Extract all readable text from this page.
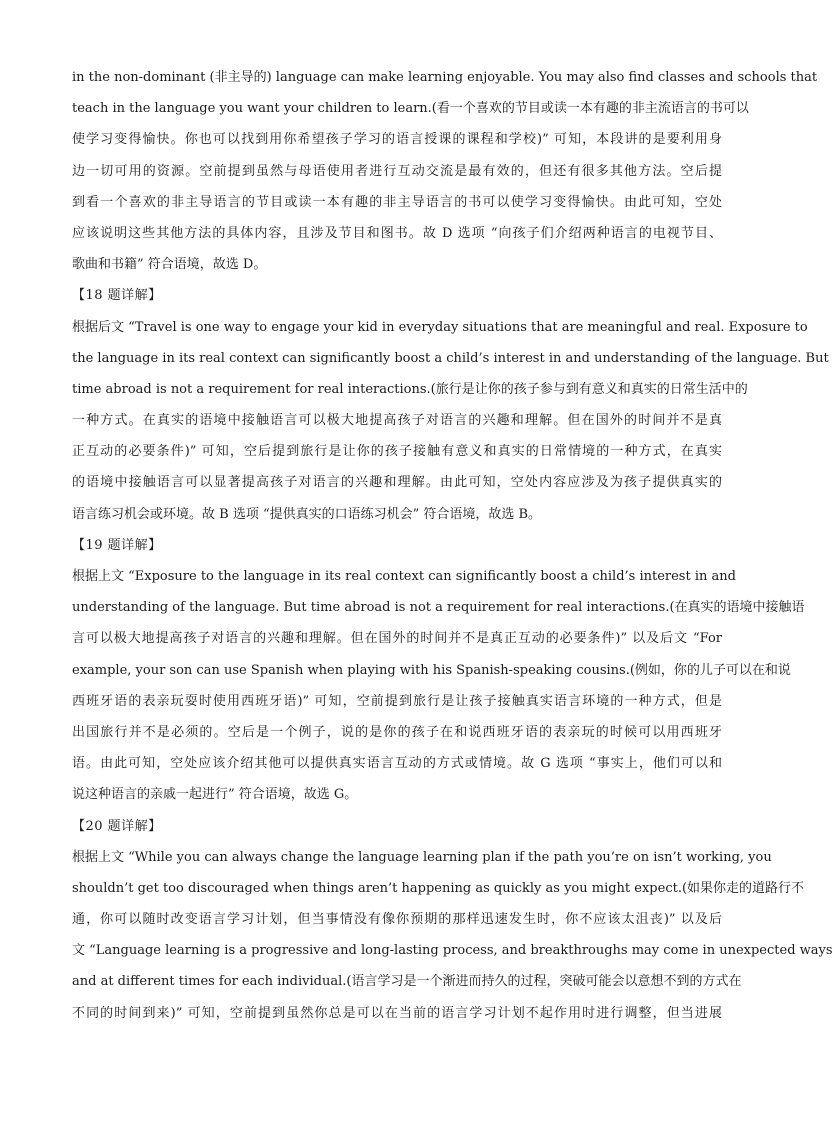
in the non-dominant (非主导的) language can make learning enjoyable. You may also find classes and schools that
teach in the language you want your children to learn.(看一个喜欢的节目或读一本有趣的非主流语言的书可以
使学习变得愉快。你也可以找到用你希望孩子学习的语言授课的课程和学校)” 可知，本段讲的是要利用身
边一切可用的资源。空前提到虽然与母语使用者进行互动交流是最有效的，但还有很多其他方法。空后提
到看一个喜欢的非主导语言的节目或读一本有趣的非主导语言的书可以使学习变得愉快。由此可知，空处
应该说明这些其他方法的具体内容，且涉及节目和图书。故 D 选项 “向孩子们介绍两种语言的电视节目、
歌曲和书籍” 符合语境，故选 D。
【18 题详解】
根据后文 “Travel is one way to engage your kid in everyday situations that are meaningful and real. Exposure to
the language in its real context can significantly boost a child’s interest in and understanding of the language. But
time abroad is not a requirement for real interactions.(旅行是让你的孩子参与到有意义和真实的日常生活中的
一种方式。在真实的语境中接触语言可以极大地提高孩子对语言的兴趣和理解。但在国外的时间并不是真
正互动的必要条件)” 可知，空后提到旅行是让你的孩子接触有意义和真实的日常情境的一种方式，在真实
的语境中接触语言可以显著提高孩子对语言的兴趣和理解。由此可知，空处内容应涉及为孩子提供真实的
语言练习机会或环境。故 B 选项 “提供真实的口语练习机会” 符合语境，故选 B。
【19 题详解】
根据上文 “Exposure to the language in its real context can significantly boost a child’s interest in and
understanding of the language. But time abroad is not a requirement for real interactions.(在真实的语境中接触语
言可以极大地提高孩子对语言的兴趣和理解。但在国外的时间并不是真正互动的必要条件)” 以及后文 “For
example, your son can use Spanish when playing with his Spanish-speaking cousins.(例如，你的儿子可以在和说
西班牙语的表亲玩耍时使用西班牙语)” 可知，空前提到旅行是让孩子接触真实语言环境的一种方式，但是
出国旅行并不是必须的。空后是一个例子，说的是你的孩子在和说西班牙语的表亲玩的时候可以用西班牙
语。由此可知，空处应该介绍其他可以提供真实语言互动的方式或情境。故 G 选项 “事实上，他们可以和
说这种语言的亲戚一起进行” 符合语境，故选 G。
【20 题详解】
根据上文 “While you can always change the language learning plan if the path you’re on isn’t working, you
shouldn’t get too discouraged when things aren’t happening as quickly as you might expect.(如果你走的道路行不
通，你可以随时改变语言学习计划，但当事情没有像你预期的那样迅速发生时，你不应该太沮丧)” 以及后
文 “Language learning is a progressive and long-lasting process, and breakthroughs may come in unexpected ways
and at different times for each individual.(语言学习是一个渐进而持久的过程，突破可能会以意想不到的方式在
不同的时间到来)” 可知，空前提到虽然你总是可以在当前的语言学习计划不起作用时进行调整，但当进展
